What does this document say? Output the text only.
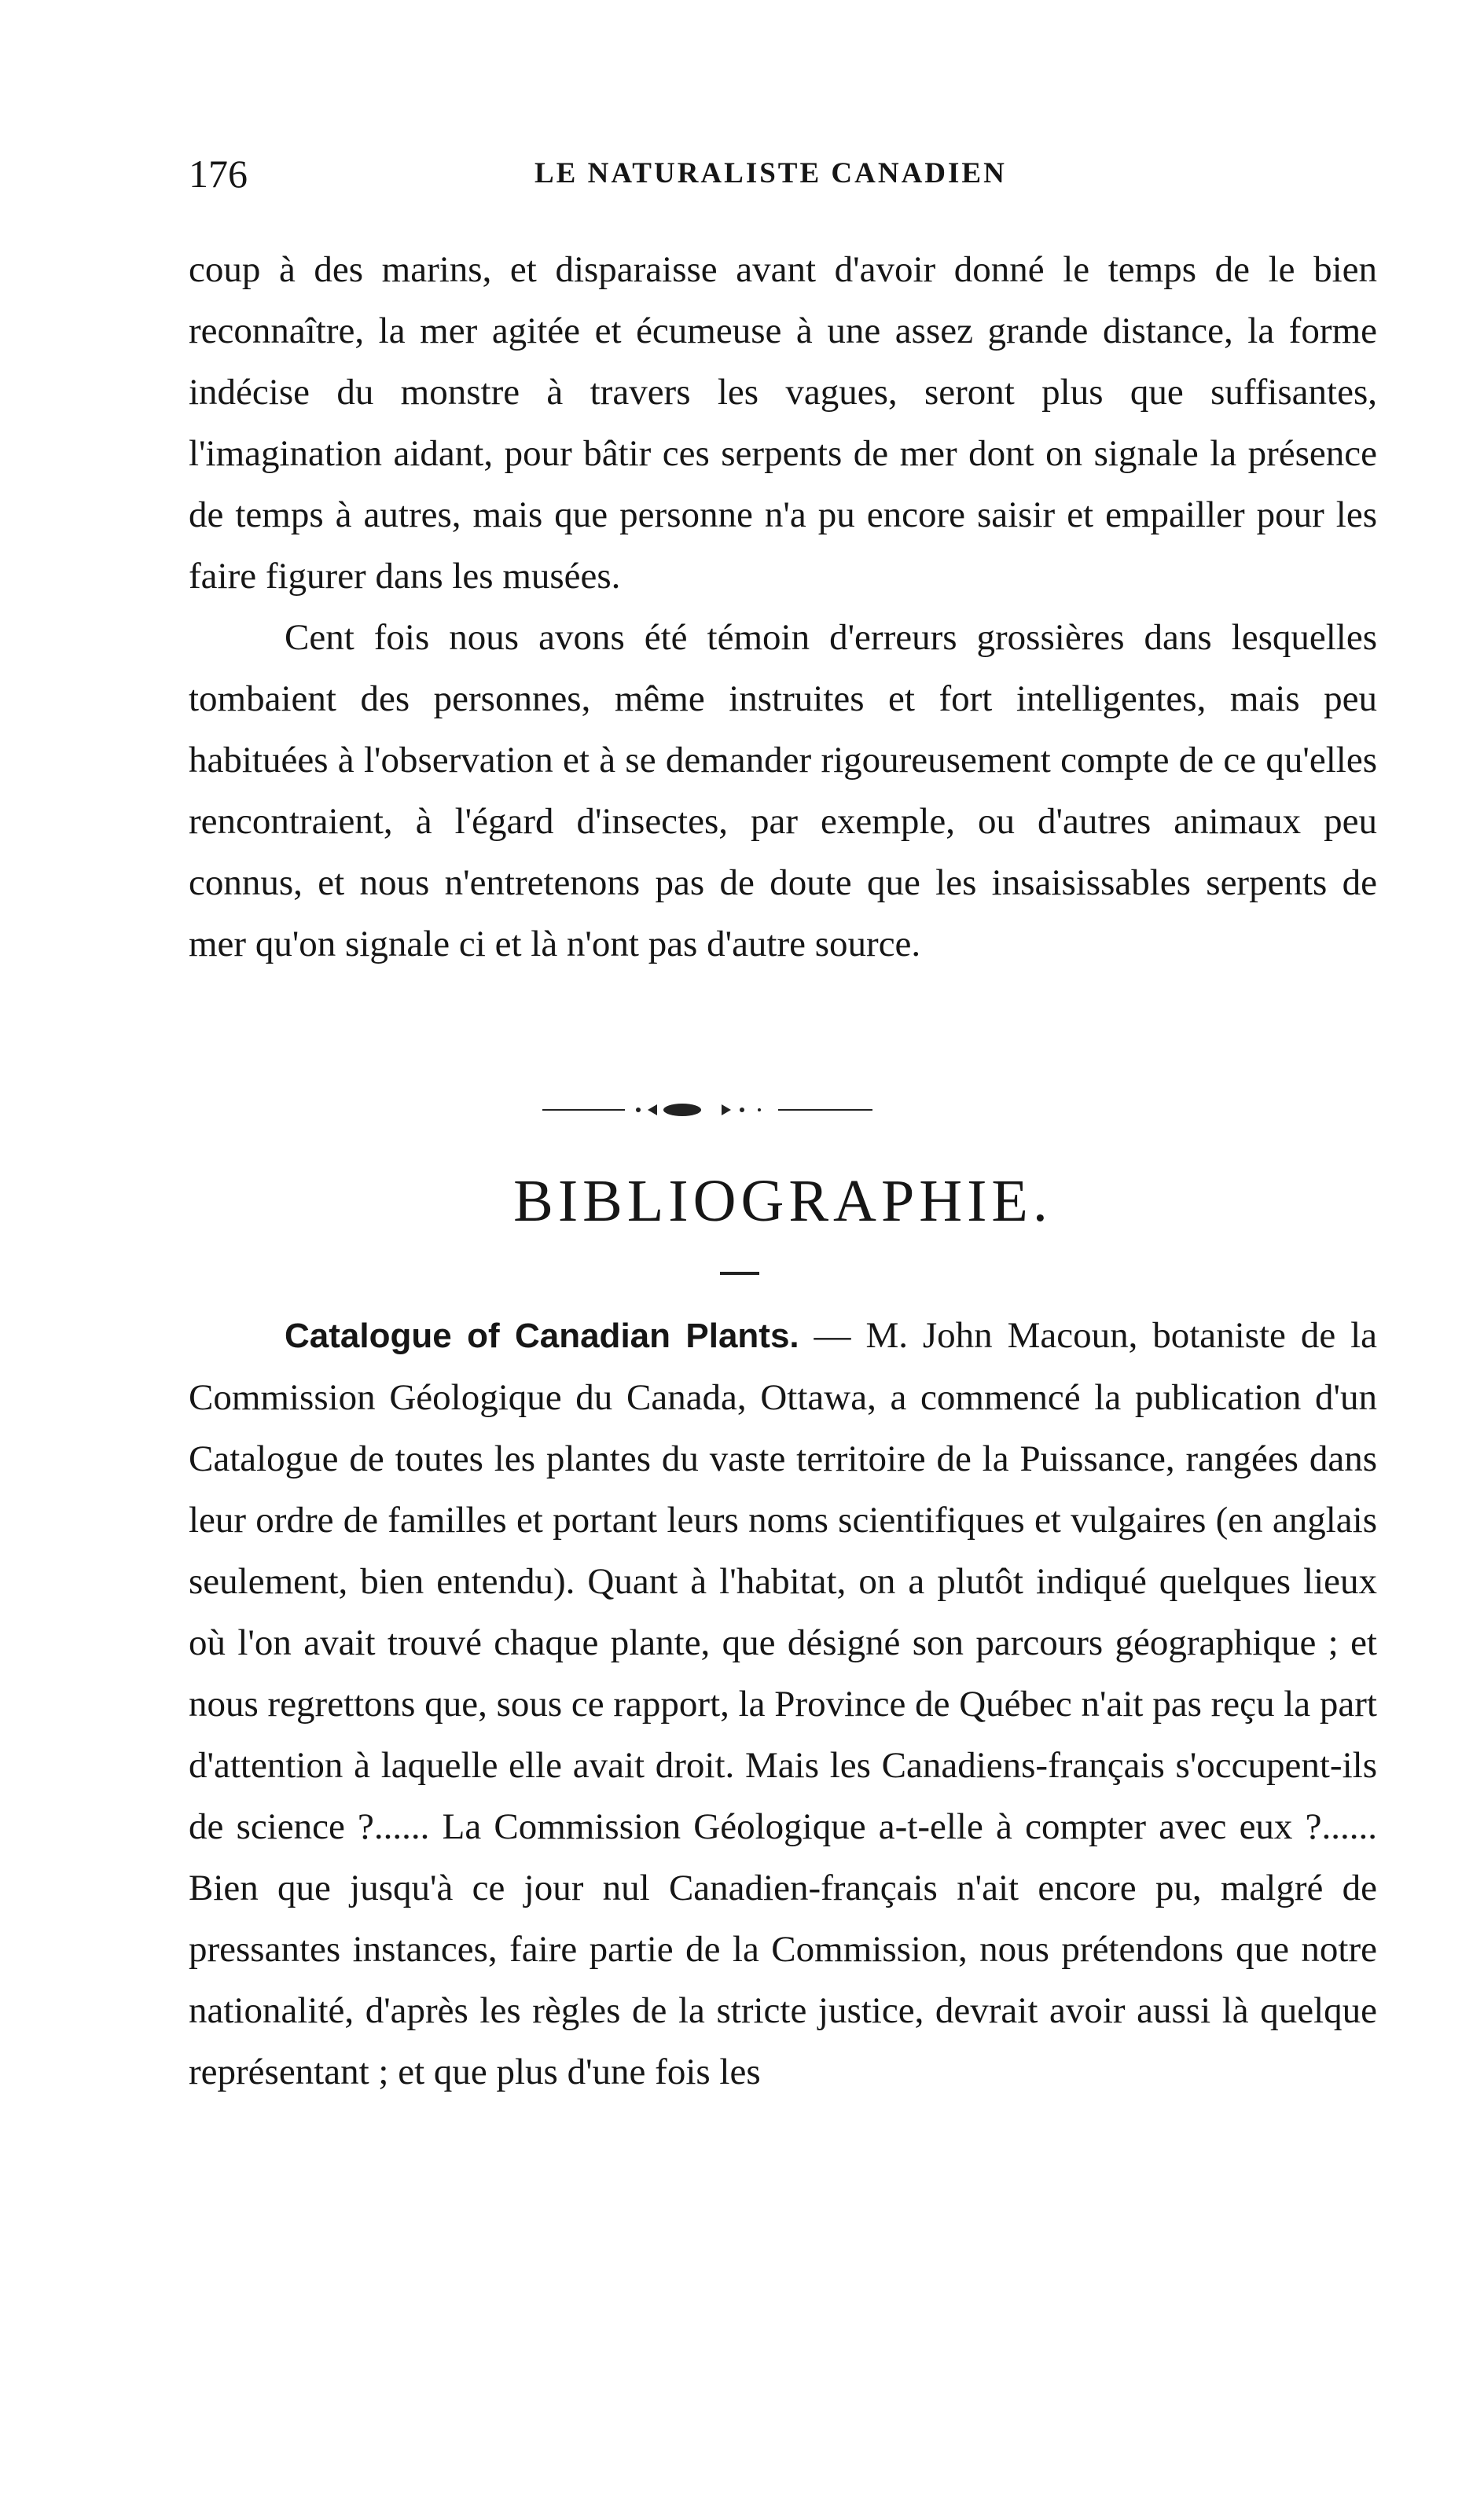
176	LE NATURALISTE CANADIEN

coup à des marins, et disparaisse avant d'avoir donné le temps de le bien reconnaître, la mer agitée et écumeuse à une assez grande distance, la forme indécise du monstre à travers les vagues, seront plus que suffisantes, l'imagination aidant, pour bâtir ces serpents de mer dont on signale la présence de temps à autres, mais que personne n'a pu encore saisir et empailler pour les faire figurer dans les musées.

Cent fois nous avons été témoin d'erreurs grossières dans lesquelles tombaient des personnes, même instruites et fort intelligentes, mais peu habituées à l'observation et à se demander rigoureusement compte de ce qu'elles rencontraient, à l'égard d'insectes, par exemple, ou d'autres animaux peu connus, et nous n'entretenons pas de doute que les insaisissables serpents de mer qu'on signale ci et là n'ont pas d'autre source.

BIBLIOGRAPHIE.

Catalogue of Canadian Plants. — M. John Macoun, botaniste de la Commission Géologique du Canada, Ottawa, a commencé la publication d'un Catalogue de toutes les plantes du vaste territoire de la Puissance, rangées dans leur ordre de familles et portant leurs noms scientifiques et vulgaires (en anglais seulement, bien entendu). Quant à l'habitat, on a plutôt indiqué quelques lieux où l'on avait trouvé chaque plante, que désigné son parcours géographique ; et nous regrettons que, sous ce rapport, la Province de Québec n'ait pas reçu la part d'attention à laquelle elle avait droit. Mais les Canadiens-français s'occupent-ils de science ?...... La Commission Géologique a-t-elle à compter avec eux ?...... Bien que jusqu'à ce jour nul Canadien-français n'ait encore pu, malgré de pressantes instances, faire partie de la Commission, nous prétendons que notre nationalité, d'après les règles de la stricte justice, devrait avoir aussi là quelque représentant ; et que plus d'une fois les
